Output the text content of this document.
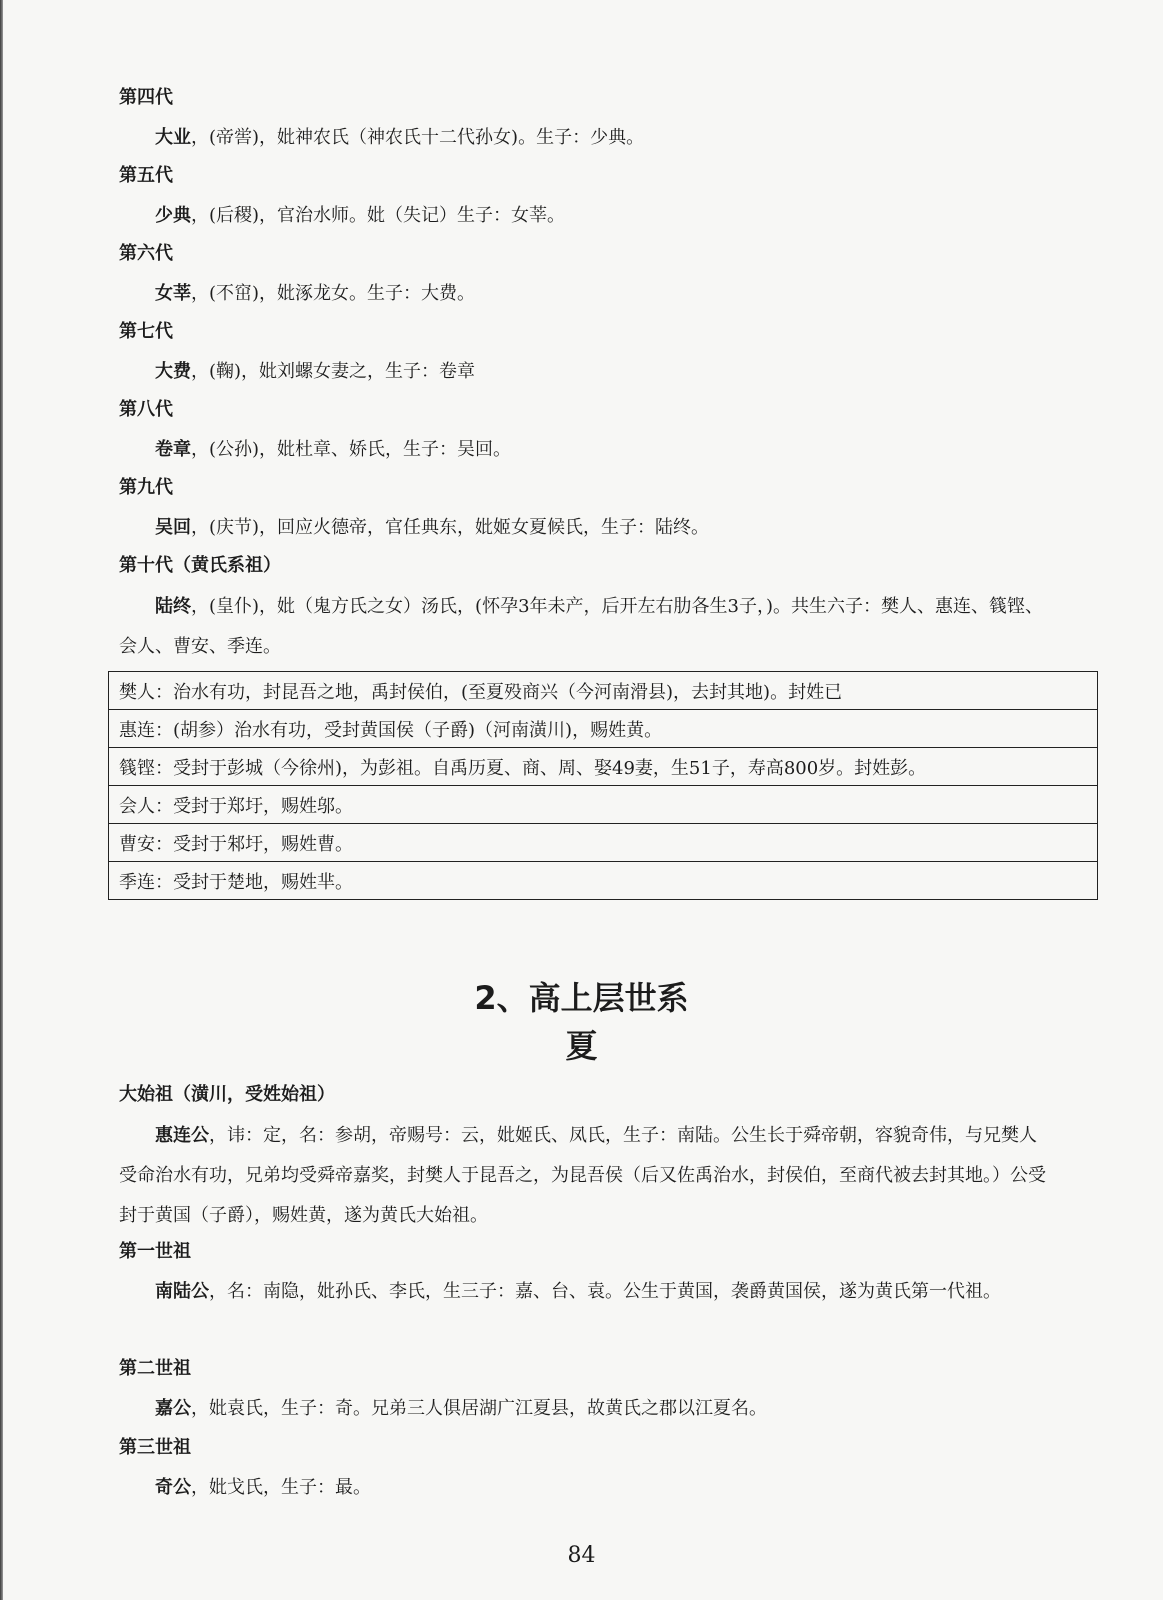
第四代
大业，(帝喾)，妣神农氏（神农氏十二代孙女)。生子：少典。
第五代
少典，(后稷)，官治水师。妣（失记）生子：女莘。
第六代
女莘，(不窋)，妣涿龙女。生子：大费。
第七代
大费，(鞠)，妣刘螺女妻之，生子：卷章
第八代
卷章，(公孙)，妣杜章、娇氏，生子：吴回。
第九代
吴回，(庆节)，回应火德帝，官任典东，妣姬女夏候氏，生子：陆终。
第十代（黄氏系祖）
陆终，(皇仆)，妣（鬼方氏之女）汤氏，(怀孕3年未产，后开左右肋各生3子，)。共生六子：樊人、惠连、篯铿、会人、曹安、季连。
樊人：治水有功，封昆吾之地，禹封侯伯，(至夏殁商兴（今河南滑县)，去封其地)。封姓已
惠连：(胡参）治水有功，受封黄国侯（子爵)（河南潢川)，赐姓黄。
篯铿：受封于彭城（今徐州)，为彭祖。自禹历夏、商、周、娶49妻，生51子，寿高800岁。封姓彭。
会人：受封于郑圩，赐姓邬。
曹安：受封于邾圩，赐姓曹。
季连：受封于楚地，赐姓芈。
2、高上层世系
夏
大始祖（潢川，受姓始祖）
惠连公，讳：定，名：参胡，帝赐号：云，妣姬氏、凤氏，生子：南陆。公生长于舜帝朝，容貌奇伟，与兄樊人受命治水有功，兄弟均受舜帝嘉奖，封樊人于昆吾之，为昆吾侯（后又佐禹治水，封侯伯，至商代被去封其地。）公受封于黄国（子爵），赐姓黄，遂为黄氏大始祖。
第一世祖
南陆公，名：南隐，妣孙氏、李氏，生三子：嘉、台、袁。公生于黄国，袭爵黄国侯，遂为黄氏第一代祖。
第二世祖
嘉公，妣袁氏，生子：奇。兄弟三人俱居湖广江夏县，故黄氏之郡以江夏名。
第三世祖
奇公，妣戈氏，生子：最。
84
